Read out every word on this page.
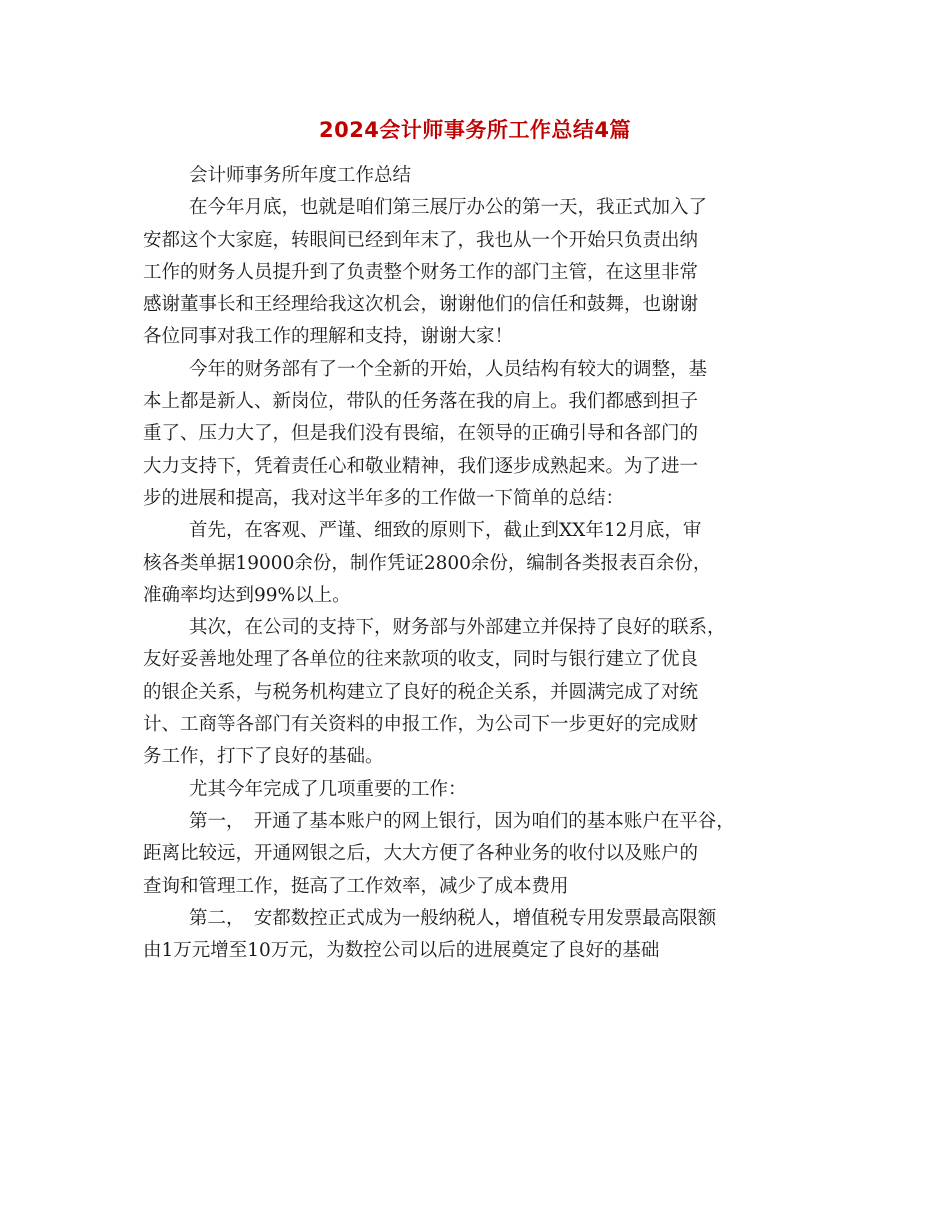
2024会计师事务所工作总结4篇
会计师事务所年度工作总结
在今年月底，也就是咱们第三展厅办公的第一天，我正式加入了
安都这个大家庭，转眼间已经到年末了，我也从一个开始只负责出纳
工作的财务人员提升到了负责整个财务工作的部门主管，在这里非常
感谢董事长和王经理给我这次机会，谢谢他们的信任和鼓舞，也谢谢
各位同事对我工作的理解和支持，谢谢大家！
今年的财务部有了一个全新的开始，人员结构有较大的调整，基
本上都是新人、新岗位，带队的任务落在我的肩上。我们都感到担子
重了、压力大了，但是我们没有畏缩，在领导的正确引导和各部门的
大力支持下，凭着责任心和敬业精神，我们逐步成熟起来。为了进一
步的进展和提高，我对这半年多的工作做一下简单的总结：
首先，在客观、严谨、细致的原则下，截止到XX年12月底，审
核各类单据19000余份，制作凭证2800余份，编制各类报表百余份，
准确率均达到99%以上。
其次，在公司的支持下，财务部与外部建立并保持了良好的联系，
友好妥善地处理了各单位的往来款项的收支，同时与银行建立了优良
的银企关系，与税务机构建立了良好的税企关系，并圆满完成了对统
计、工商等各部门有关资料的申报工作，为公司下一步更好的完成财
务工作，打下了良好的基础。
尤其今年完成了几项重要的工作：
第一，　开通了基本账户的网上银行，因为咱们的基本账户在平谷，
距离比较远，开通网银之后，大大方便了各种业务的收付以及账户的
查询和管理工作，挺高了工作效率，减少了成本费用
第二，　安都数控正式成为一般纳税人，增值税专用发票最高限额
由1万元增至10万元，为数控公司以后的进展奠定了良好的基础
